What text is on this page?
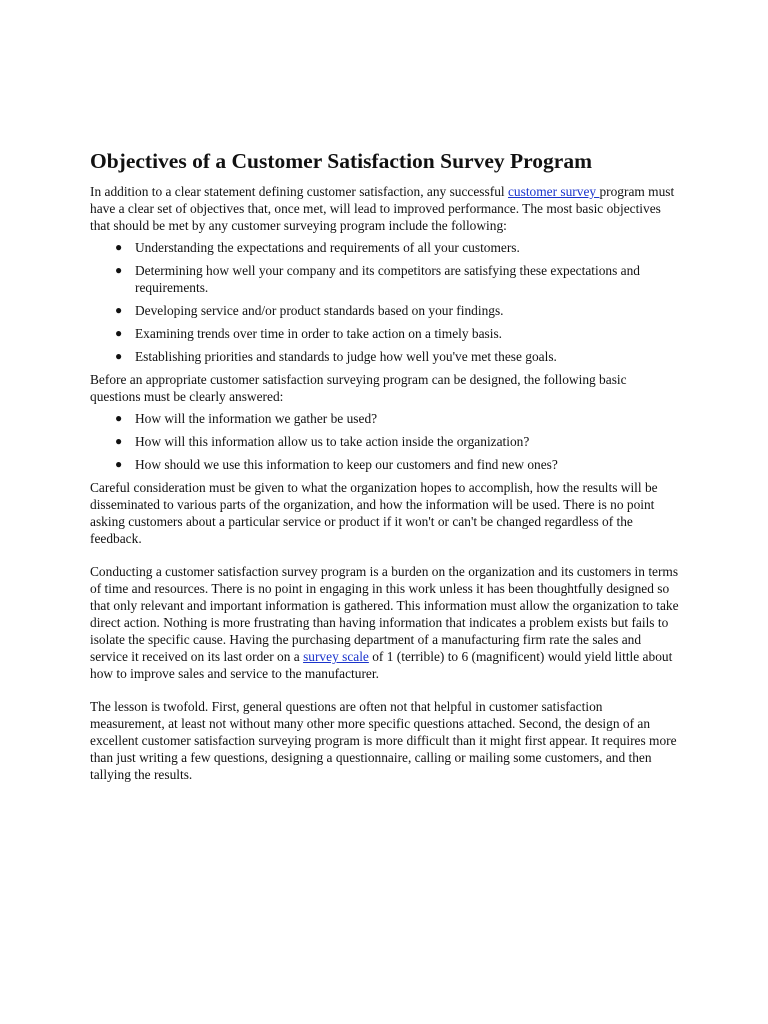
Objectives of a Customer Satisfaction Survey Program

In addition to a clear statement defining customer satisfaction, any successful customer survey program must have a clear set of objectives that, once met, will lead to improved performance. The most basic objectives that should be met by any customer surveying program include the following:

● Understanding the expectations and requirements of all your customers.
● Determining how well your company and its competitors are satisfying these expectations and requirements.
● Developing service and/or product standards based on your findings.
● Examining trends over time in order to take action on a timely basis.
● Establishing priorities and standards to judge how well you've met these goals.

Before an appropriate customer satisfaction surveying program can be designed, the following basic questions must be clearly answered:

● How will the information we gather be used?
● How will this information allow us to take action inside the organization?
● How should we use this information to keep our customers and find new ones?

Careful consideration must be given to what the organization hopes to accomplish, how the results will be disseminated to various parts of the organization, and how the information will be used. There is no point asking customers about a particular service or product if it won't or can't be changed regardless of the feedback.

Conducting a customer satisfaction survey program is a burden on the organization and its customers in terms of time and resources. There is no point in engaging in this work unless it has been thoughtfully designed so that only relevant and important information is gathered. This information must allow the organization to take direct action. Nothing is more frustrating than having information that indicates a problem exists but fails to isolate the specific cause. Having the purchasing department of a manufacturing firm rate the sales and service it received on its last order on a survey scale of 1 (terrible) to 6 (magnificent) would yield little about how to improve sales and service to the manufacturer.

The lesson is twofold. First, general questions are often not that helpful in customer satisfaction measurement, at least not without many other more specific questions attached. Second, the design of an excellent customer satisfaction surveying program is more difficult than it might first appear. It requires more than just writing a few questions, designing a questionnaire, calling or mailing some customers, and then tallying the results.
